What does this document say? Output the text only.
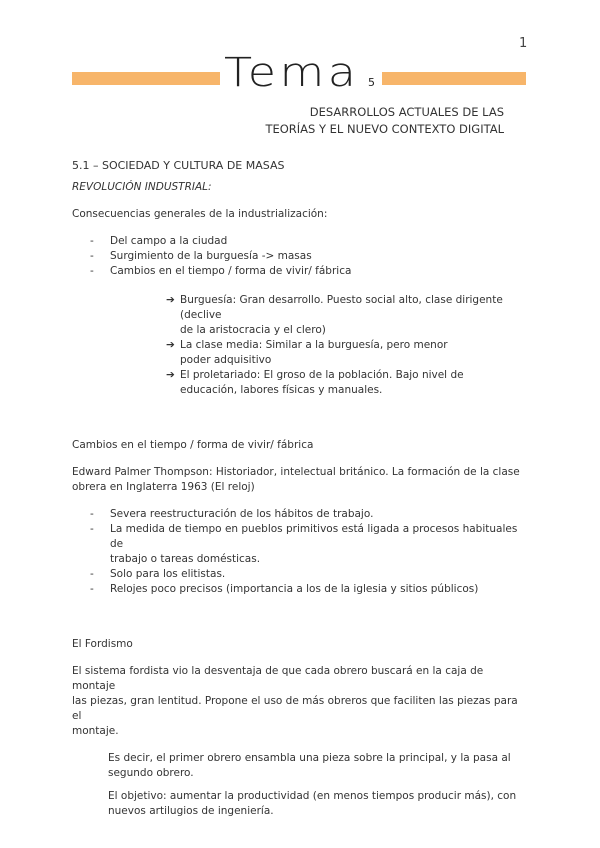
1
Tema 5
DESARROLLOS ACTUALES DE LAS
TEORÍAS Y EL NUEVO CONTEXTO DIGITAL

5.1 – SOCIEDAD Y CULTURA DE MASAS

REVOLUCIÓN INDUSTRIAL:

Consecuencias generales de la industrialización:

- Del campo a la ciudad
- Surgimiento de la burguesía -> masas
- Cambios en el tiempo / forma de vivir/ fábrica
➔ Burguesía: Gran desarrollo. Puesto social alto, clase dirigente (declive
de la aristocracia y el clero)
➔ La clase media: Similar a la burguesía, pero menor
poder adquisitivo
➔ El proletariado: El groso de la población. Bajo nivel de
educación, labores físicas y manuales.

Cambios en el tiempo / forma de vivir/ fábrica

Edward Palmer Thompson: Historiador, intelectual británico. La formación de la clase
obrera en Inglaterra 1963 (El reloj)

- Severa reestructuración de los hábitos de trabajo.
- La medida de tiempo en pueblos primitivos está ligada a procesos habituales de
trabajo o tareas domésticas.
- Solo para los elitistas.
- Relojes poco precisos (importancia a los de la iglesia y sitios públicos)

El Fordismo

El sistema fordista vio la desventaja de que cada obrero buscará en la caja de montaje
las piezas, gran lentitud. Propone el uso de más obreros que faciliten las piezas para el
montaje.

Es decir, el primer obrero ensambla una pieza sobre la principal, y la pasa al
segundo obrero.

El objetivo: aumentar la productividad (en menos tiempos producir más), con
nuevos artilugios de ingeniería.
